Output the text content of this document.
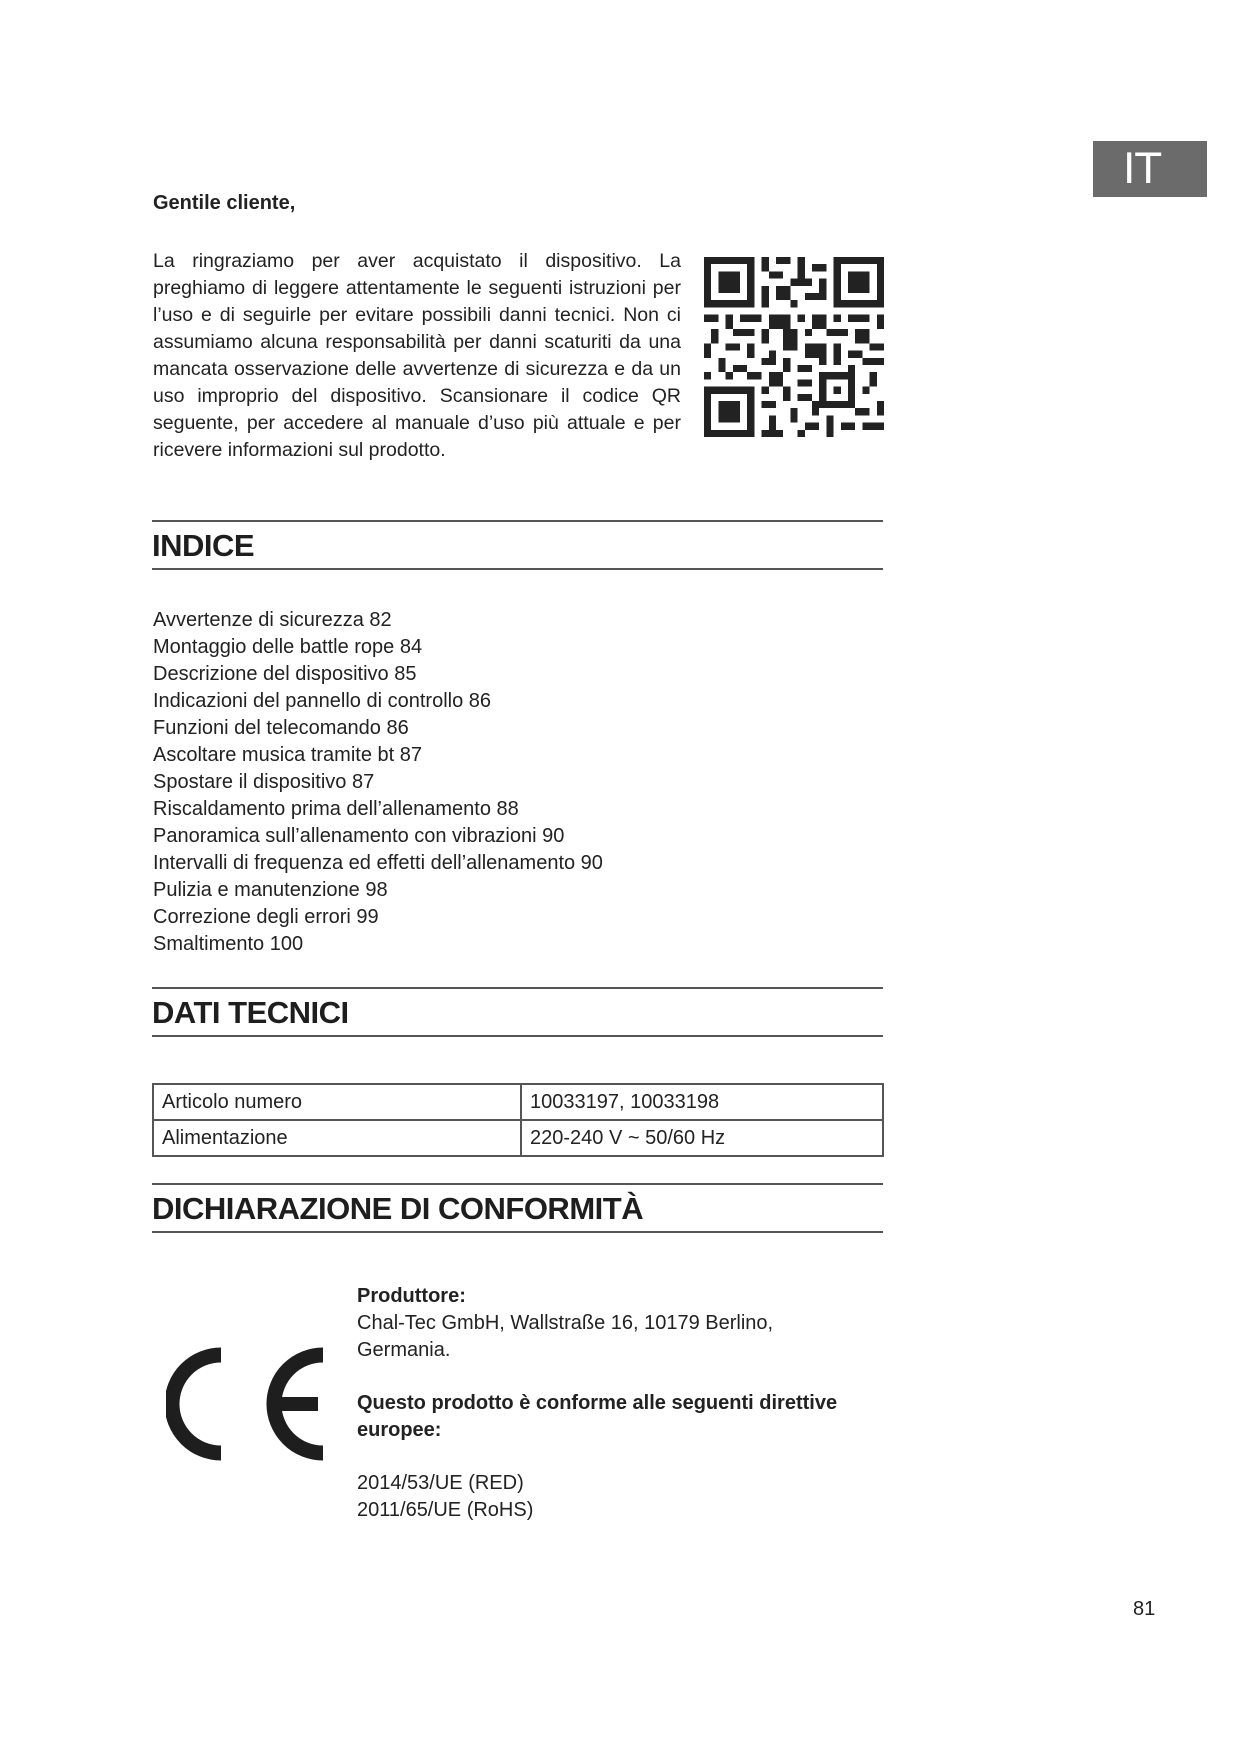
IT
Gentile cliente,

La ringraziamo per aver acquistato il dispositivo. La preghiamo di leggere attentamente le seguenti istruzioni per l’uso e di seguirle per evitare possibili danni tecnici. Non ci assumiamo alcuna responsabilità per danni scaturiti da una mancata osservazione delle avvertenze di sicurezza e da un uso improprio del dispositivo. Scansionare il codice QR seguente, per accedere al manuale d’uso più attuale e per ricevere informazioni sul prodotto.

INDICE
Avvertenze di sicurezza 82
Montaggio delle battle rope 84
Descrizione del dispositivo 85
Indicazioni del pannello di controllo 86
Funzioni del telecomando 86
Ascoltare musica tramite bt 87
Spostare il dispositivo 87
Riscaldamento prima dell’allenamento 88
Panoramica sull’allenamento con vibrazioni 90
Intervalli di frequenza ed effetti dell’allenamento 90
Pulizia e manutenzione 98
Correzione degli errori 99
Smaltimento 100
DATI TECNICI
Articolo numero	10033197, 10033198
Alimentazione	220-240 V ~ 50/60 Hz
DICHIARAZIONE DI CONFORMITÀ
Produttore:
Chal-Tec GmbH, Wallstraße 16, 10179 Berlino,
Germania.
Questo prodotto è conforme alle seguenti direttive
europee:
2014/53/UE (RED)
2011/65/UE (RoHS)
81
